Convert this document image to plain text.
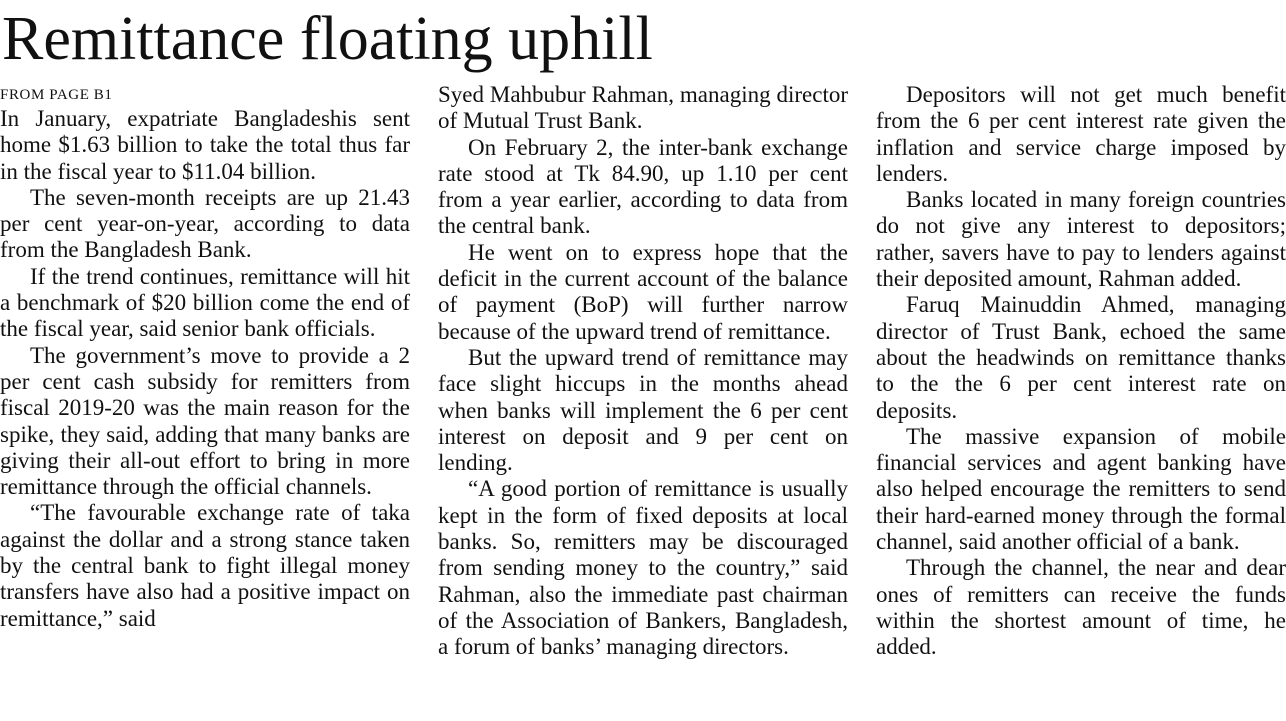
Remittance floating uphill
FROM PAGE B1

In January, expatriate Bangladeshis sent home $1.63 billion to take the total thus far in the fiscal year to $11.04 billion.

The seven-month receipts are up 21.43 per cent year-on-year, according to data from the Bangladesh Bank.

If the trend continues, remittance will hit a benchmark of $20 billion come the end of the fiscal year, said senior bank officials.

The government’s move to provide a 2 per cent cash subsidy for remitters from fiscal 2019-20 was the main reason for the spike, they said, adding that many banks are giving their all-out effort to bring in more remittance through the official channels.

“The favourable exchange rate of taka against the dollar and a strong stance taken by the central bank to fight illegal money transfers have also had a positive impact on remittance,” said

Syed Mahbubur Rahman, managing director of Mutual Trust Bank.

On February 2, the inter-bank exchange rate stood at Tk 84.90, up 1.10 per cent from a year earlier, according to data from the central bank.

He went on to express hope that the deficit in the current account of the balance of payment (BoP) will further narrow because of the upward trend of remittance.

But the upward trend of remittance may face slight hiccups in the months ahead when banks will implement the 6 per cent interest on deposit and 9 per cent on lending.

“A good portion of remittance is usually kept in the form of fixed deposits at local banks. So, remitters may be discouraged from sending money to the country,” said Rahman, also the immediate past chairman of the Association of Bankers, Bangladesh, a forum of banks’ managing directors.

Depositors will not get much benefit from the 6 per cent interest rate given the inflation and service charge imposed by lenders.

Banks located in many foreign countries do not give any interest to depositors; rather, savers have to pay to lenders against their deposited amount, Rahman added.

Faruq Mainuddin Ahmed, managing director of Trust Bank, echoed the same about the headwinds on remittance thanks to the the 6 per cent interest rate on deposits.

The massive expansion of mobile financial services and agent banking have also helped encourage the remitters to send their hard-earned money through the formal channel, said another official of a bank.

Through the channel, the near and dear ones of remitters can receive the funds within the shortest amount of time, he added.
